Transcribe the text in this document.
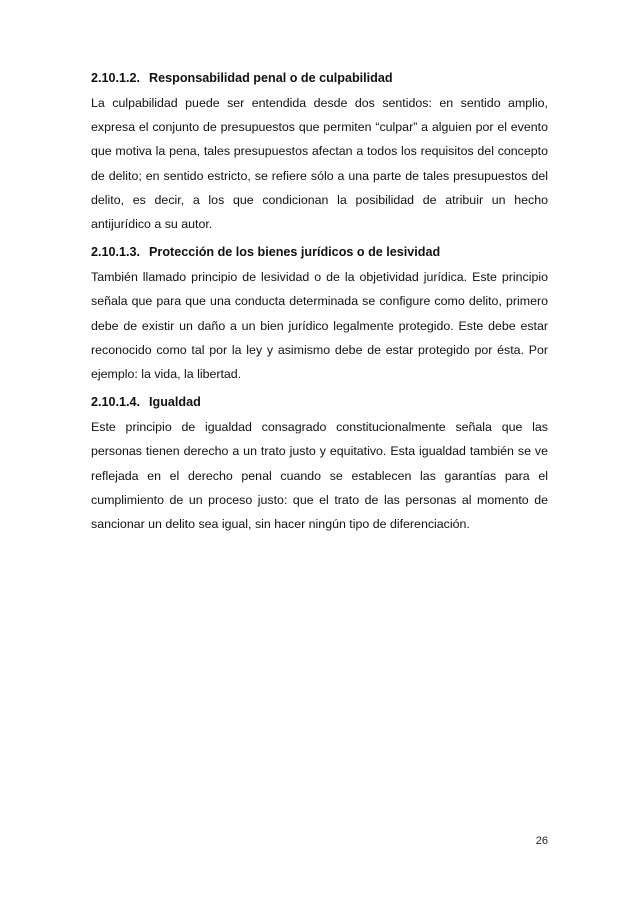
2.10.1.2. Responsabilidad penal o de culpabilidad

La culpabilidad puede ser entendida desde dos sentidos: en sentido amplio, expresa el conjunto de presupuestos que permiten “culpar” a alguien por el evento que motiva la pena, tales presupuestos afectan a todos los requisitos del concepto de delito; en sentido estricto, se refiere sólo a una parte de tales presupuestos del delito, es decir, a los que condicionan la posibilidad de atribuir un hecho antijurídico a su autor.

2.10.1.3. Protección de los bienes jurídicos o de lesividad

También llamado principio de lesividad o de la objetividad jurídica. Este principio señala que para que una conducta determinada se configure como delito, primero debe de existir un daño a un bien jurídico legalmente protegido. Este debe estar reconocido como tal por la ley y asimismo debe de estar protegido por ésta. Por ejemplo: la vida, la libertad.

2.10.1.4. Igualdad

Este principio de igualdad consagrado constitucionalmente señala que las personas tienen derecho a un trato justo y equitativo. Esta igualdad también se ve reflejada en el derecho penal cuando se establecen las garantías para el cumplimiento de un proceso justo: que el trato de las personas al momento de sancionar un delito sea igual, sin hacer ningún tipo de diferenciación.

26
